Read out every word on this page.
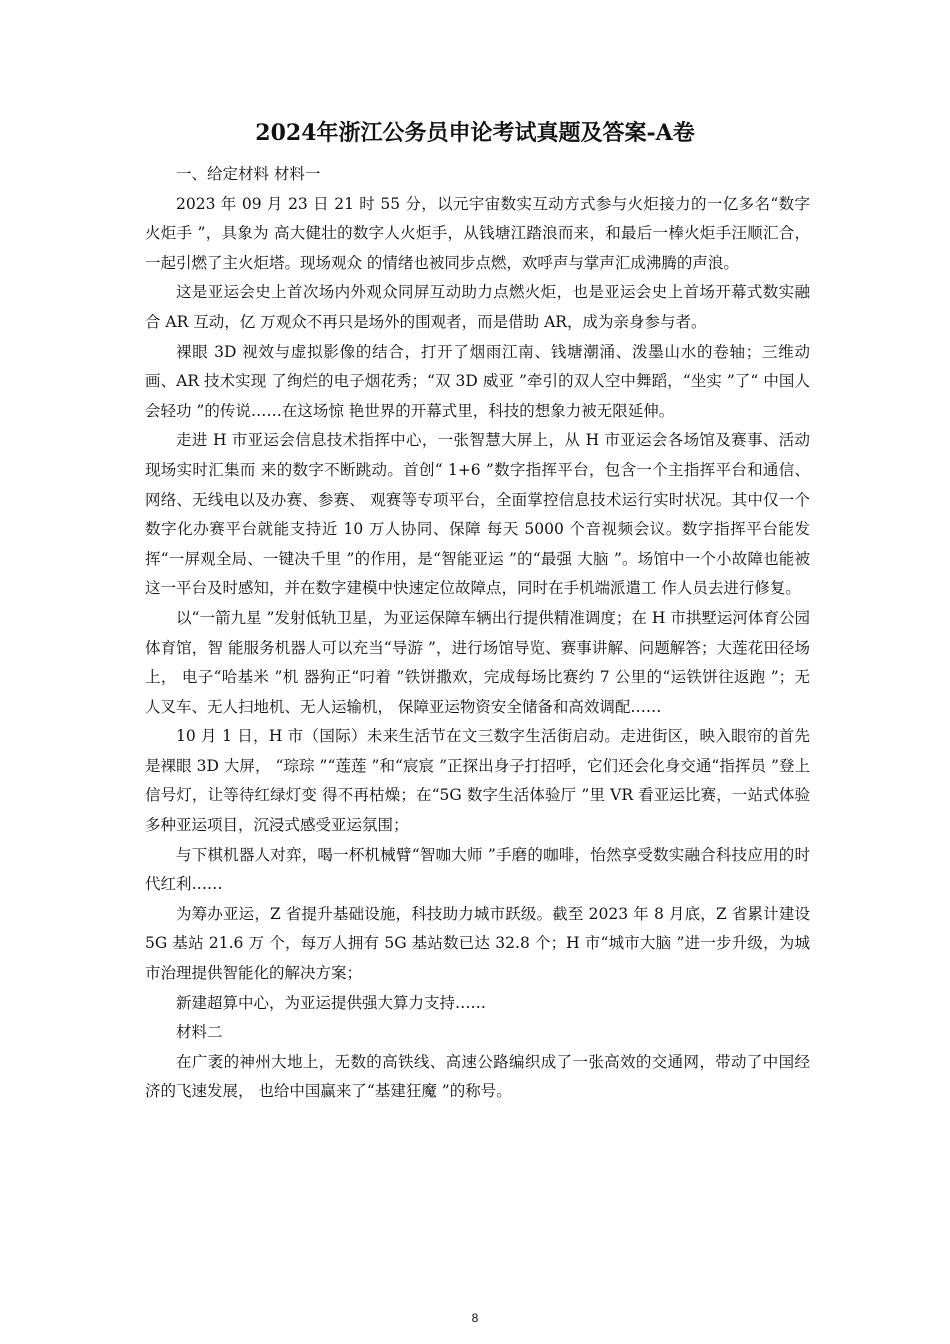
2024年浙江公务员申论考试真题及答案-A卷

一、给定材料 材料一

2023 年 09 月 23 日 21 时 55 分，以元宇宙数实互动方式参与火炬接力的一亿多名“数字火炬手 ”，具象为 高大健壮的数字人火炬手，从钱塘江踏浪而来，和最后一棒火炬手汪顺汇合，一起引燃了主火炬塔。现场观众 的情绪也被同步点燃，欢呼声与掌声汇成沸腾的声浪。

这是亚运会史上首次场内外观众同屏互动助力点燃火炬，也是亚运会史上首场开幕式数实融合 AR 互动，亿 万观众不再只是场外的围观者，而是借助 AR，成为亲身参与者。

裸眼 3D 视效与虚拟影像的结合，打开了烟雨江南、钱塘潮涌、泼墨山水的卷轴；三维动画、AR 技术实现 了绚烂的电子烟花秀；“双 3D 威亚 ”牵引的双人空中舞蹈，“坐实 ”了“ 中国人会轻功 ”的传说……在这场惊 艳世界的开幕式里，科技的想象力被无限延伸。

走进 H 市亚运会信息技术指挥中心，一张智慧大屏上，从 H 市亚运会各场馆及赛事、活动现场实时汇集而 来的数字不断跳动。首创“ 1+6 ”数字指挥平台，包含一个主指挥平台和通信、网络、无线电以及办赛、参赛、 观赛等专项平台，全面掌控信息技术运行实时状况。其中仅一个数字化办赛平台就能支持近 10 万人协同、保障 每天 5000 个音视频会议。数字指挥平台能发挥“一屏观全局、一键决千里 ”的作用，是“智能亚运 ”的“最强 大脑 ”。场馆中一个小故障也能被这一平台及时感知，并在数字建模中快速定位故障点，同时在手机端派遣工 作人员去进行修复。

以“一箭九星 ”发射低轨卫星，为亚运保障车辆出行提供精准调度；在 H 市拱墅运河体育公园体育馆，智 能服务机器人可以充当“导游 ”，进行场馆导览、赛事讲解、问题解答；大莲花田径场上， 电子“哈基米 ”机 器狗正“叼着 ”铁饼撒欢，完成每场比赛约 7 公里的“运铁饼往返跑 ”；无人叉车、无人扫地机、无人运输机， 保障亚运物资安全储备和高效调配……

10 月 1 日，H 市（国际）未来生活节在文三数字生活街启动。走进街区，映入眼帘的首先是裸眼 3D 大屏， “琮琮 ”“莲莲 ”和“宸宸 ”正探出身子打招呼，它们还会化身交通“指挥员 ”登上信号灯，让等待红绿灯变 得不再枯燥；在“5G 数字生活体验厅 ”里 VR 看亚运比赛，一站式体验多种亚运项目，沉浸式感受亚运氛围；

与下棋机器人对弈，喝一杯机械臂“智咖大师 ”手磨的咖啡，怡然享受数实融合科技应用的时代红利……

为筹办亚运，Z 省提升基础设施，科技助力城市跃级。截至 2023 年 8 月底，Z 省累计建设 5G 基站 21.6 万 个，每万人拥有 5G 基站数已达 32.8 个；H 市“城市大脑 ”进一步升级，为城市治理提供智能化的解决方案；

新建超算中心，为亚运提供强大算力支持……

材料二

在广袤的神州大地上，无数的高铁线、高速公路编织成了一张高效的交通网，带动了中国经济的飞速发展， 也给中国赢来了“基建狂魔 ”的称号。

8
